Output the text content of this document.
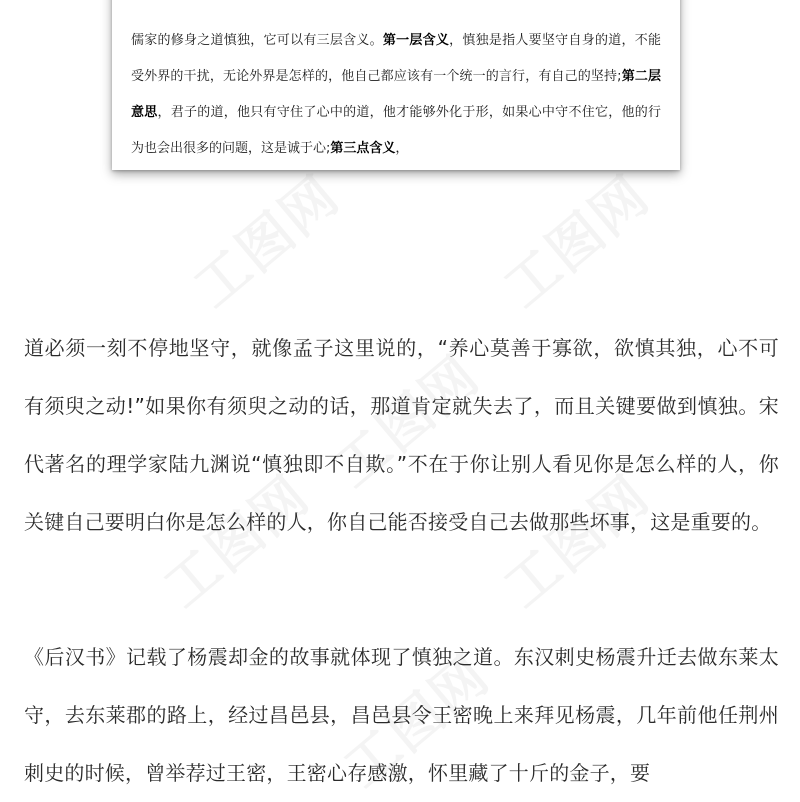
儒家的修身之道慎独，它可以有三层含义。第一层含义，慎独是指人要坚守自身的道，不能受外界的干扰，无论外界是怎样的，他自己都应该有一个统一的言行，有自己的坚持;第二层意思，君子的道，他只有守住了心中的道，他才能够外化于形，如果心中守不住它，他的行为也会出很多的问题，这是诚于心;第三点含义，
道必须一刻不停地坚守，就像孟子这里说的，“养心莫善于寡欲，欲慎其独，心不可有须臾之动!”如果你有须臾之动的话，那道肯定就失去了，而且关键要做到慎独。宋代著名的理学家陆九渊说“慎独即不自欺。”不在于你让别人看见你是怎么样的人，你关键自己要明白你是怎么样的人，你自己能否接受自己去做那些坏事，这是重要的。
《后汉书》记载了杨震却金的故事就体现了慎独之道。东汉刺史杨震升迁去做东莱太守，去东莱郡的路上，经过昌邑县，昌邑县令王密晚上来拜见杨震，几年前他任荆州刺史的时候，曾举荐过王密，王密心存感激，怀里藏了十斤的金子，要
